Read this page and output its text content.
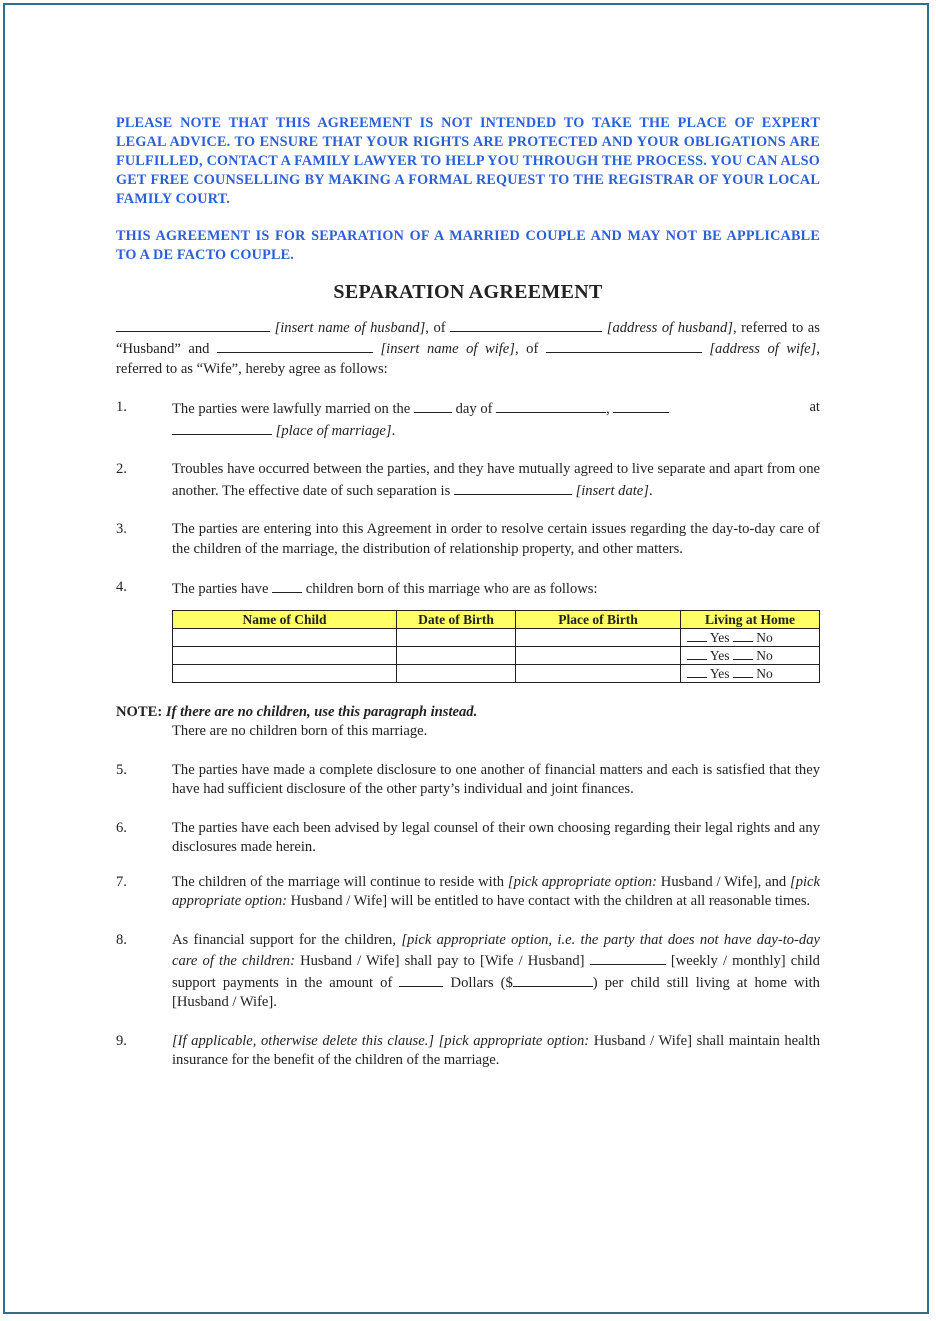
PLEASE NOTE THAT THIS AGREEMENT IS NOT INTENDED TO TAKE THE PLACE OF EXPERT LEGAL ADVICE. TO ENSURE THAT YOUR RIGHTS ARE PROTECTED AND YOUR OBLIGATIONS ARE FULFILLED, CONTACT A FAMILY LAWYER TO HELP YOU THROUGH THE PROCESS. YOU CAN ALSO GET FREE COUNSELLING BY MAKING A FORMAL REQUEST TO THE REGISTRAR OF YOUR LOCAL FAMILY COURT.

THIS AGREEMENT IS FOR SEPARATION OF A MARRIED COUPLE AND MAY NOT BE APPLICABLE TO A DE FACTO COUPLE.

SEPARATION AGREEMENT
[insert name of husband], of	[address of husband], referred to as “Husband” and	[insert name of wife], of	[address of wife], referred to as “Wife”, hereby agree as follows:
1.	The parties were lawfully married on the	day of	,	at

[place of marriage].
2.	Troubles have occurred between the parties, and they have mutually agreed to live separate and apart from one another. The effective date of such separation is	[insert date].
3.	The parties are entering into this Agreement in order to resolve certain issues regarding the day-to-day care of the children of the marriage, the distribution of relationship property, and other matters.
4.	The parties have	children born of this marriage who are as follows:
Name of Child	Date of Birth	Place of Birth	Living at Home
			Yes No
			Yes No
			Yes No
NOTE: If there are no children, use this paragraph instead.
There are no children born of this marriage.
5.	The parties have made a complete disclosure to one another of financial matters and each is satisfied that they have had sufficient disclosure of the other party’s individual and joint finances.
6.	The parties have each been advised by legal counsel of their own choosing regarding their legal rights and any disclosures made herein.
7.	The children of the marriage will continue to reside with [pick appropriate option: Husband / Wife], and [pick appropriate option: Husband / Wife] will be entitled to have contact with the children at all reasonable times.
8.	As financial support for the children, [pick appropriate option, i.e. the party that does not have day-to-day care of the children: Husband / Wife] shall pay to [Wife / Husband]	[weekly / monthly] child support payments in the amount of	Dollars ($	) per child still living at home with [Husband / Wife].
9.	[If applicable, otherwise delete this clause.] [pick appropriate option: Husband / Wife] shall maintain health insurance for the benefit of the children of the marriage.
